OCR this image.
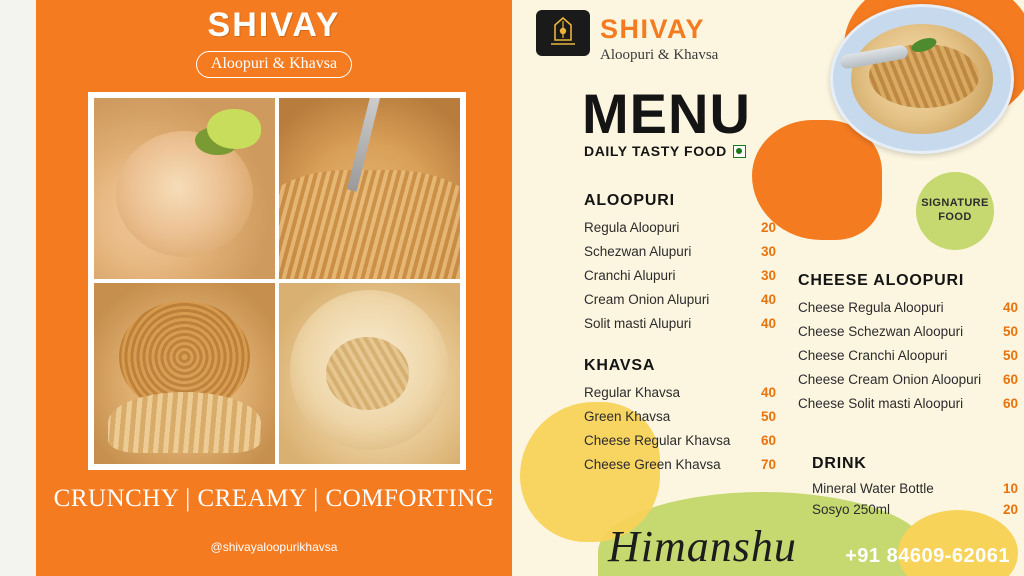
SHIVAY
Aloopuri & Khavsa
CRUNCHY | CREAMY | COMFORTING
@shivayaloopurikhavsa
SHIVAY
Aloopuri & Khavsa
MENU
DAILY TASTY FOOD
SIGNATURE
FOOD
ALOOPURI
Regula Aloopuri	20
Schezwan Alupuri	30
Cranchi Alupuri	30
Cream Onion Alupuri	40
Solit masti Alupuri	40
KHAVSA
Regular Khavsa	40
Green Khavsa	50
Cheese Regular Khavsa	60
Cheese Green Khavsa	70
CHEESE ALOOPURI
Cheese Regula Aloopuri	40
Cheese Schezwan Aloopuri	50
Cheese Cranchi Aloopuri	50
Cheese Cream Onion Aloopuri	60
Cheese Solit masti Aloopuri	60
DRINK
Mineral Water Bottle	10
Sosyo 250ml	20
Himanshu +91 84609-62061
